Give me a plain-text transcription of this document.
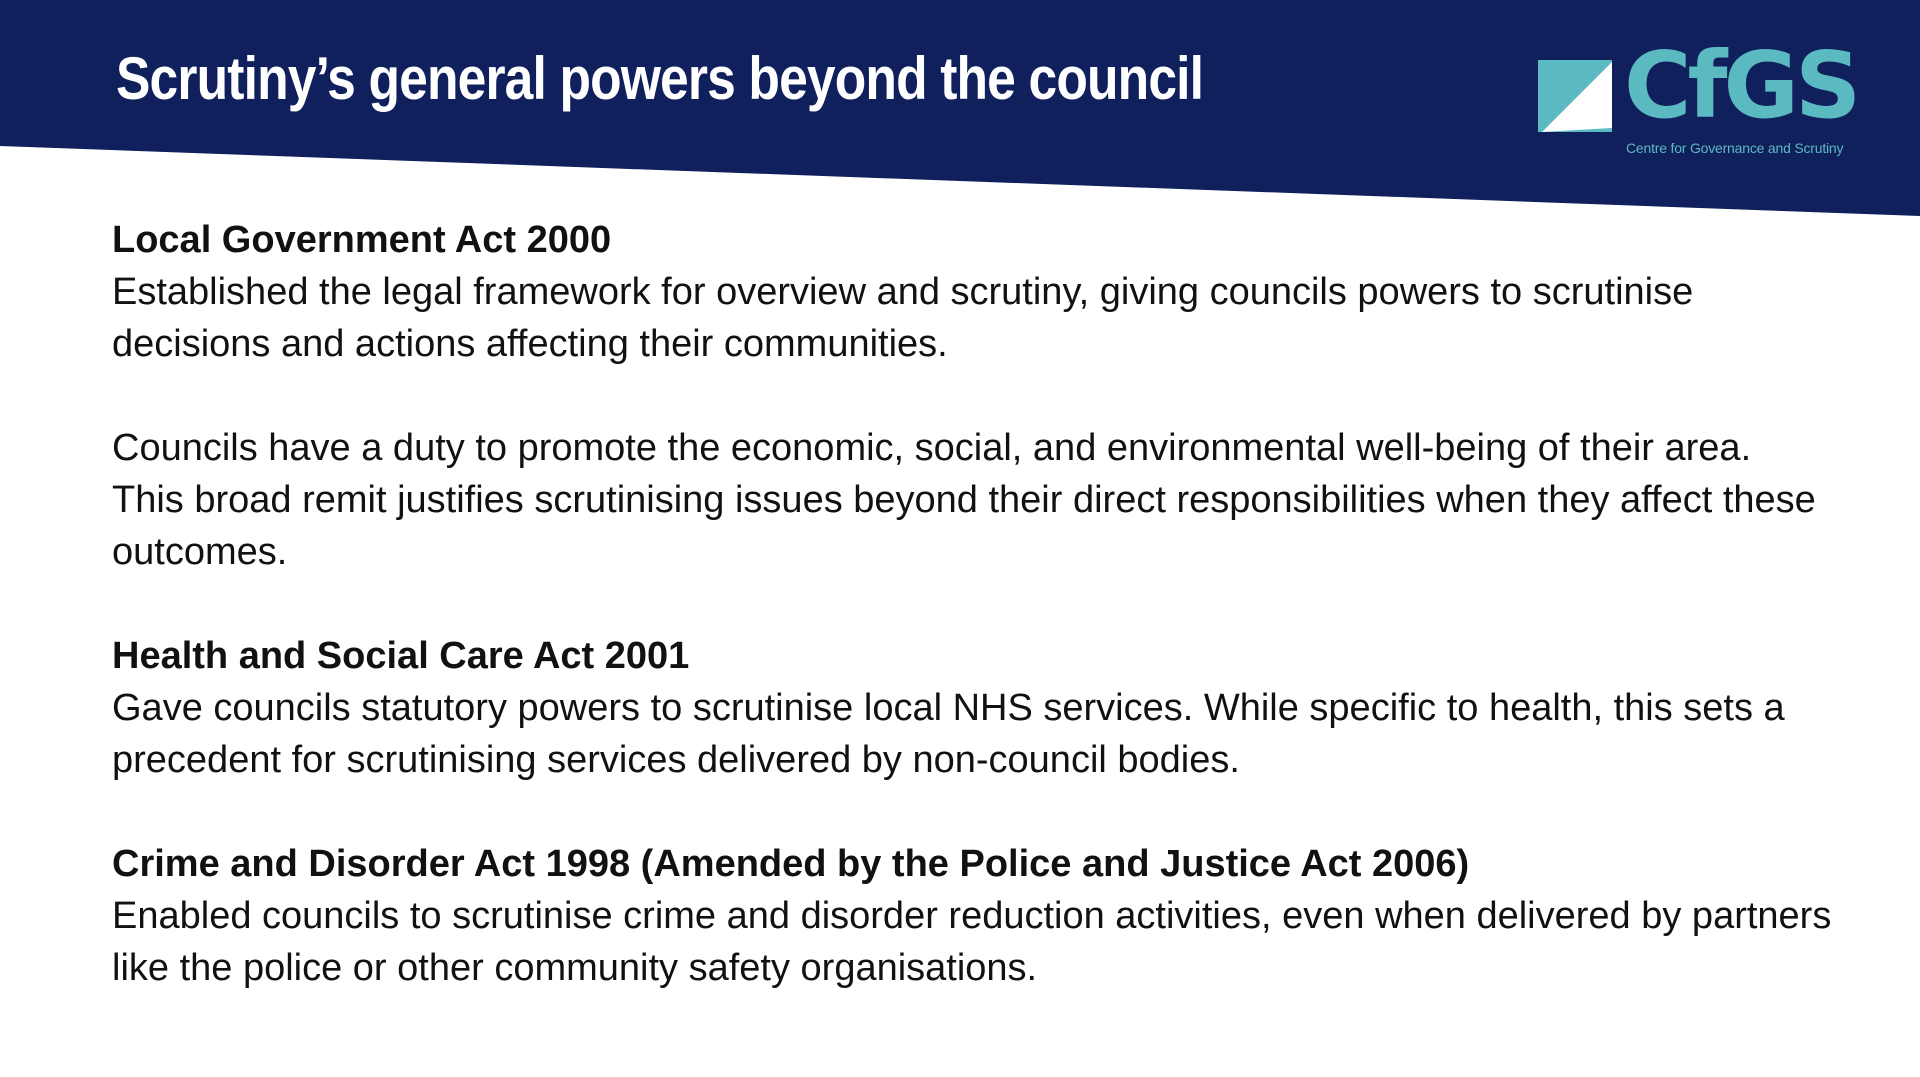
Scrutiny’s general powers beyond the council	CfGS
Centre for Governance and Scrutiny

Local Government Act 2000

Established the legal framework for overview and scrutiny, giving councils powers to scrutinise decisions and actions affecting their communities.

Councils have a duty to promote the economic, social, and environmental well-being of their area. This broad remit justifies scrutinising issues beyond their direct responsibilities when they affect these outcomes.

Health and Social Care Act 2001

Gave councils statutory powers to scrutinise local NHS services. While specific to health, this sets a precedent for scrutinising services delivered by non-council bodies.

Crime and Disorder Act 1998 (Amended by the Police and Justice Act 2006)

Enabled councils to scrutinise crime and disorder reduction activities, even when delivered by partners like the police or other community safety organisations.
